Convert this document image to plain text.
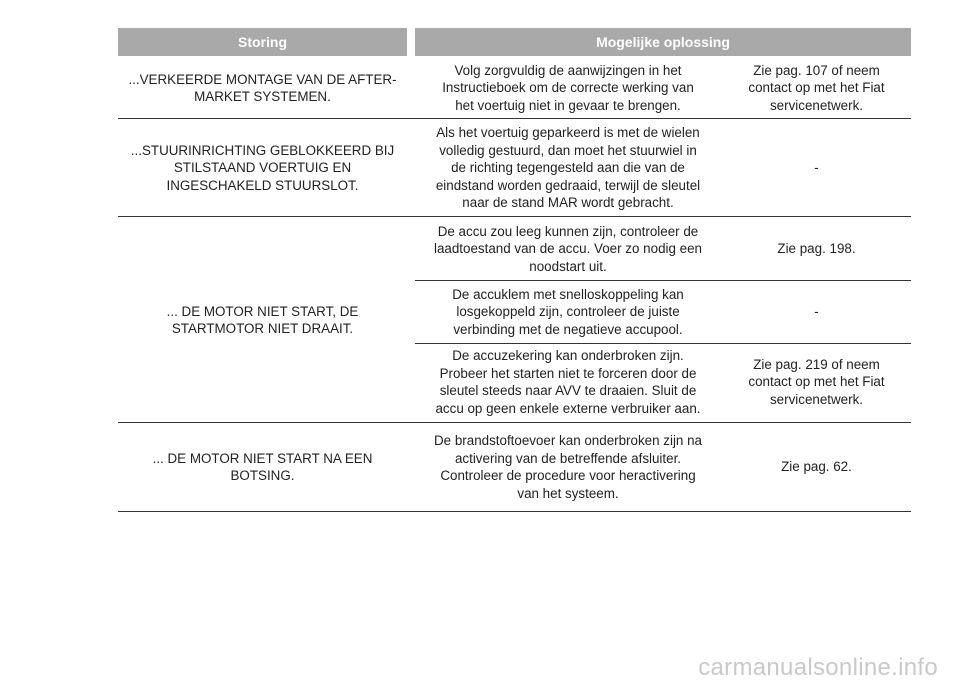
Storing	Mogelijke oplossing
...VERKEERDE MONTAGE VAN DE AFTER-
MARKET SYSTEMEN.
Volg zorgvuldig de aanwijzingen in het
Instructieboek om de correcte werking van
het voertuig niet in gevaar te brengen.
Zie pag. 107 of neem
contact op met het Fiat
servicenetwerk.
...STUURINRICHTING GEBLOKKEERD BIJ
STILSTAAND VOERTUIG EN
INGESCHAKELD STUURSLOT.
Als het voertuig geparkeerd is met de wielen
volledig gestuurd, dan moet het stuurwiel in
de richting tegengesteld aan die van de
eindstand worden gedraaid, terwijl de sleutel
naar de stand MAR wordt gebracht.
-
... DE MOTOR NIET START, DE
STARTMOTOR NIET DRAAIT.
De accu zou leeg kunnen zijn, controleer de
laadtoestand van de accu. Voer zo nodig een
noodstart uit.
Zie pag. 198.
De accuklem met snelloskoppeling kan
losgekoppeld zijn, controleer de juiste
verbinding met de negatieve accupool.
-
De accuzekering kan onderbroken zijn.
Probeer het starten niet te forceren door de
sleutel steeds naar AVV te draaien. Sluit de
accu op geen enkele externe verbruiker aan.
Zie pag. 219 of neem
contact op met het Fiat
servicenetwerk.
... DE MOTOR NIET START NA EEN
BOTSING.
De brandstoftoevoer kan onderbroken zijn na
activering van de betreffende afsluiter.
Controleer de procedure voor heractivering
van het systeem.
Zie pag. 62.
carmanualsonline.info
